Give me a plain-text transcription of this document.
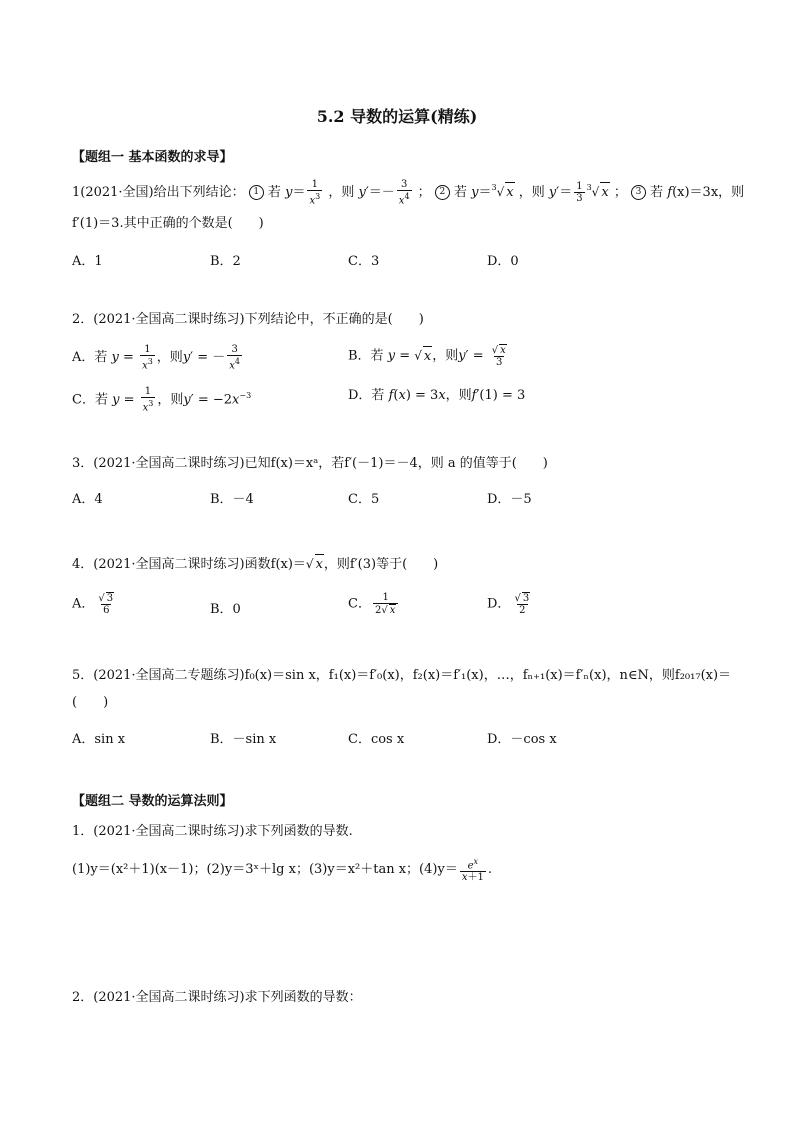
5.2 导数的运算(精练)
【题组一 基本函数的求导】
1(2021·全国)给出下列结论： 1 若 $y= \frac{1}{x^3}$ ，则 $y'=- \frac{3}{x^4}$ ； 2 若 y＝$^3$√ x ，则 $y'= \frac{1}{3} ^3√$ x ； 3 若 f(x)＝3x，则
f′(1)＝3.其中正确的个数是(　　)
A．1	B．2	C．3	D．0
2．(2021·全国高二课时练习)下列结论中，不正确的是(　　)
A．若 $y = \frac{1}{x^3}$ ，则y′ = － $\frac{3}{x^4}$	B．若 y = √ x，则$y' = \frac{√ x}{3}$
C．若 $y = \frac{1}{x^3}$ ，则$y' = -2x^{-3}$	D．若 f(x) = 3x，则f′(1) = 3
3．(2021·全国高二课时练习)已知f(x)＝xᵃ，若f′(－1)＝－4，则 a 的值等于(　　)
A．4	B．－4	C．5	D．－5
4．(2021·全国高二课时练习)函数f(x)＝√ x，则f′(3)等于(　　)
A． $\frac{√ 3}{6}$	B．0	C． $\frac{1}{2√ x}$	D． $\frac{√ 3}{2}$
5．(2021·全国高二专题练习)f₀(x)＝sin x，f₁(x)＝f′₀(x)，f₂(x)＝f′₁(x)，…，fₙ₊₁(x)＝f′ₙ(x)，n∈N，则f₂₀₁₇(x)＝
(　　)
A．sin x	B．－sin x	C．cos x	D．－cos x
【题组二 导数的运算法则】
1．(2021·全国高二课时练习)求下列函数的导数.
(1)y＝(x²＋1)(x－1)；(2)y＝3ˣ＋lg x；(3)y＝x²＋tan x；$(4)y= \frac{e^x}{x+1}$ .
2．(2021·全国高二课时练习)求下列函数的导数：
